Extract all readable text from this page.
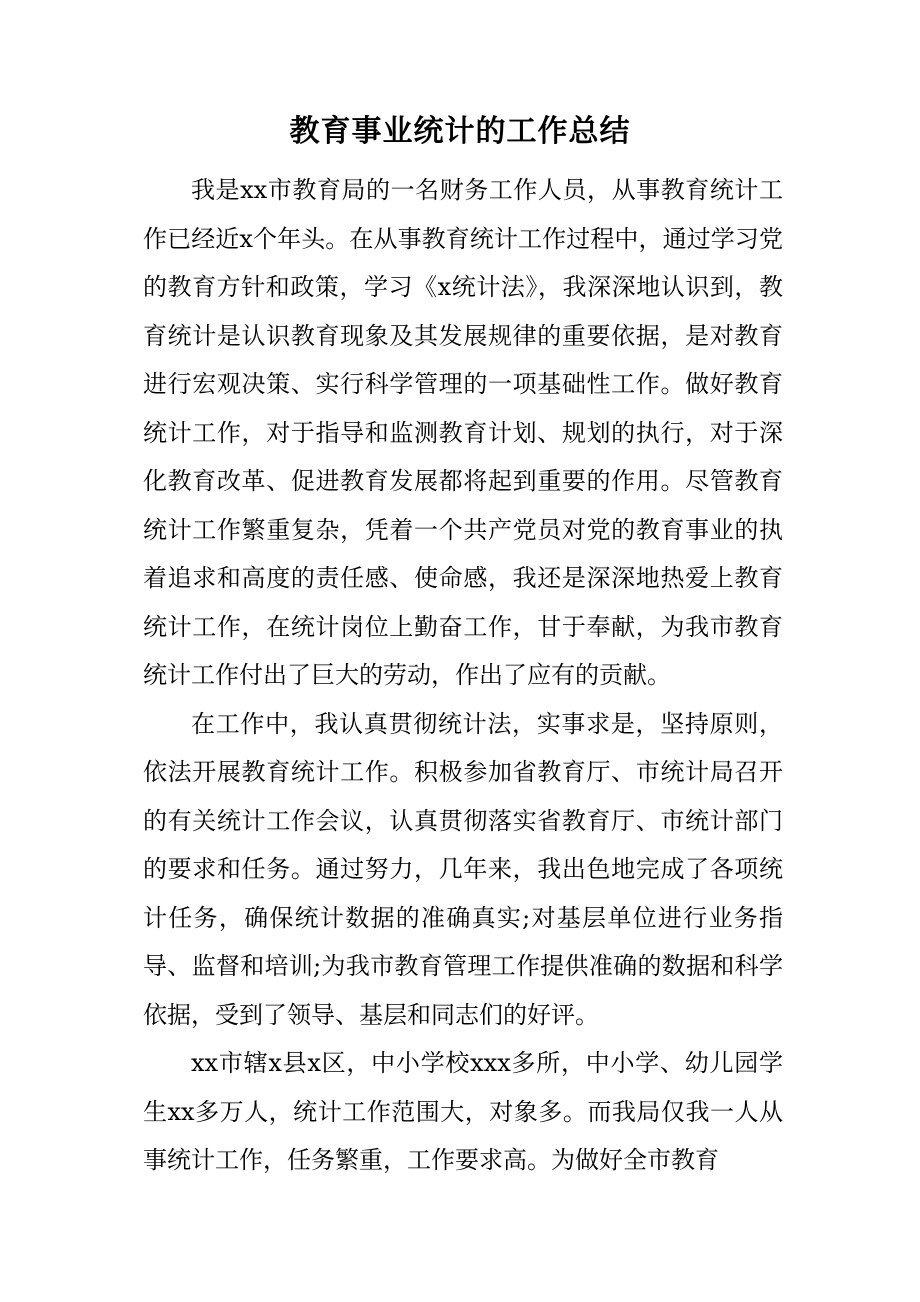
教育事业统计的工作总结

我是xx市教育局的一名财务工作人员，从事教育统计工作已经近x个年头。在从事教育统计工作过程中，通过学习党的教育方针和政策，学习《x统计法》，我深深地认识到，教育统计是认识教育现象及其发展规律的重要依据，是对教育进行宏观决策、实行科学管理的一项基础性工作。做好教育统计工作，对于指导和监测教育计划、规划的执行，对于深化教育改革、促进教育发展都将起到重要的作用。尽管教育统计工作繁重复杂，凭着一个共产党员对党的教育事业的执着追求和高度的责任感、使命感，我还是深深地热爱上教育统计工作，在统计岗位上勤奋工作，甘于奉献，为我市教育统计工作付出了巨大的劳动，作出了应有的贡献。

在工作中，我认真贯彻统计法，实事求是，坚持原则，依法开展教育统计工作。积极参加省教育厅、市统计局召开的有关统计工作会议，认真贯彻落实省教育厅、市统计部门的要求和任务。通过努力，几年来，我出色地完成了各项统计任务，确保统计数据的准确真实;对基层单位进行业务指导、监督和培训;为我市教育管理工作提供准确的数据和科学依据，受到了领导、基层和同志们的好评。

xx市辖x县x区，中小学校xxx多所，中小学、幼儿园学生xx多万人，统计工作范围大，对象多。而我局仅我一人从事统计工作，任务繁重，工作要求高。为做好全市教育
